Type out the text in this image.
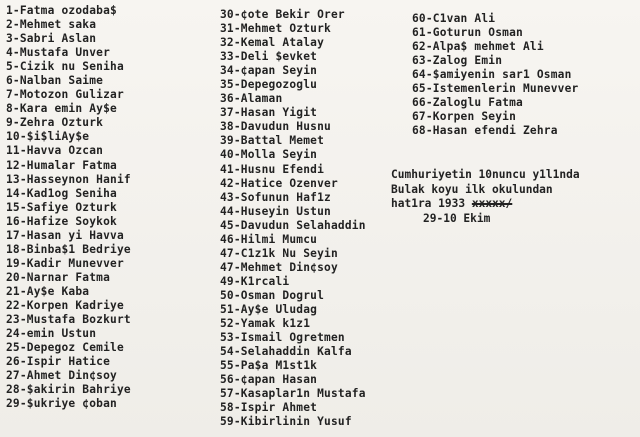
1-Fatma ozodaba$
2-Mehmet saka
3-Sabri Aslan
4-Mustafa Unver
5-Cizik nu Seniha
6-Nalban Saime
7-Motozon Gulizar
8-Kara emin Ay$e
9-Zehra Ozturk
10-$i$liAy$e
11-Havva Ozcan
12-Humalar Fatma
13-Hasseynon Hanif
14-Kad1og Seniha
15-Safiye Ozturk
16-Hafize Soykok
17-Hasan yi Havva
18-Binba$1 Bedriye
19-Kadir Munevver
20-Narnar Fatma
21-Ay$e Kaba
22-Korpen Kadriye
23-Mustafa Bozkurt
24-emin Ustun
25-Depegoz Cemile
26-Ispir Hatice
27-Ahmet Din¢soy
28-$akirin Bahriye
29-$ukriye ¢oban
30-¢ote Bekir Orer
31-Mehmet Ozturk
32-Kemal Atalay
33-Deli $evket
34-¢apan Seyin
35-Depegozoglu
36-Alaman
37-Hasan Yigit
38-Davudun Husnu
39-Battal Memet
40-Molla Seyin
41-Husnu Efendi
42-Hatice Ozenver
43-Sofunun Haf1z
44-Huseyin Ustun
45-Davudun Selahaddin
46-Hilmi Mumcu
47-C1z1k Nu Seyin
47-Mehmet Din¢soy
49-K1rcali
50-Osman Dogrul
51-Ay$e Uludag
52-Yamak k1z1
53-Ismail Ogretmen
54-Selahaddin Kalfa
55-Pa$a M1st1k
56-¢apan Hasan
57-Kasaplar1n Mustafa
58-Ispir Ahmet
59-Kibirlinin Yusuf
60-C1van Ali
61-Goturun Osman
62-Alpa$ mehmet Ali
63-Zalog Emin
64-$amiyenin sar1 Osman
65-Istemenlerin Munevver
66-Zaloglu Fatma
67-Korpen Seyin
68-Hasan efendi Zehra
Cumhuriyetin 10nuncu y1l1nda
Bulak koyu ilk okulundan
hat1ra 1933 xxxxx/
29-10 Ekim
